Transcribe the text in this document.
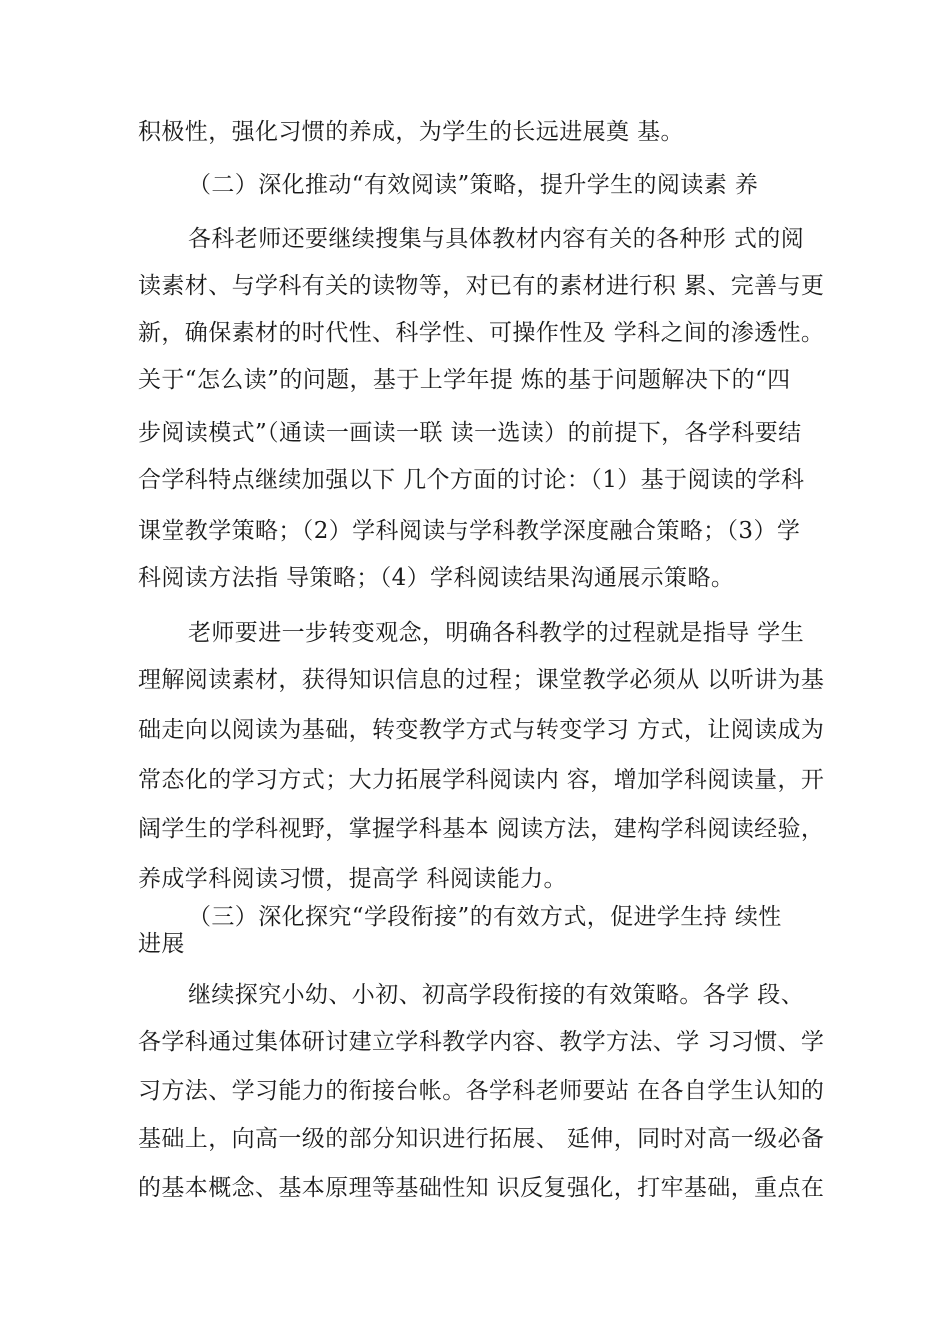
积极性，强化习惯的养成，为学生的长远进展奠 基。
（二）深化推动“有效阅读”策略，提升学生的阅读素 养
各科老师还要继续搜集与具体教材内容有关的各种形 式的阅
读素材、与学科有关的读物等，对已有的素材进行积 累、完善与更
新，确保素材的时代性、科学性、可操作性及 学科之间的渗透性。
关于“怎么读”的问题，基于上学年提 炼的基于问题解决下的“四
步阅读模式”（通读一画读一联 读一选读）的前提下，各学科要结
合学科特点继续加强以下 几个方面的讨论：（1）基于阅读的学科
课堂教学策略；（2）学科阅读与学科教学深度融合策略；（3）学
科阅读方法指 导策略；（4）学科阅读结果沟通展示策略。
老师要进一步转变观念，明确各科教学的过程就是指导 学生
理解阅读素材，获得知识信息的过程；课堂教学必须从 以听讲为基
础走向以阅读为基础，转变教学方式与转变学习 方式，让阅读成为
常态化的学习方式；大力拓展学科阅读内 容，增加学科阅读量，开
阔学生的学科视野，掌握学科基本 阅读方法，建构学科阅读经验，
养成学科阅读习惯，提高学 科阅读能力。
（三）深化探究“学段衔接”的有效方式，促进学生持 续性
进展
继续探究小幼、小初、初高学段衔接的有效策略。各学 段、
各学科通过集体研讨建立学科教学内容、教学方法、学 习习惯、学
习方法、学习能力的衔接台帐。各学科老师要站 在各自学生认知的
基础上，向高一级的部分知识进行拓展、 延伸，同时对高一级必备
的基本概念、基本原理等基础性知 识反复强化，打牢基础，重点在
